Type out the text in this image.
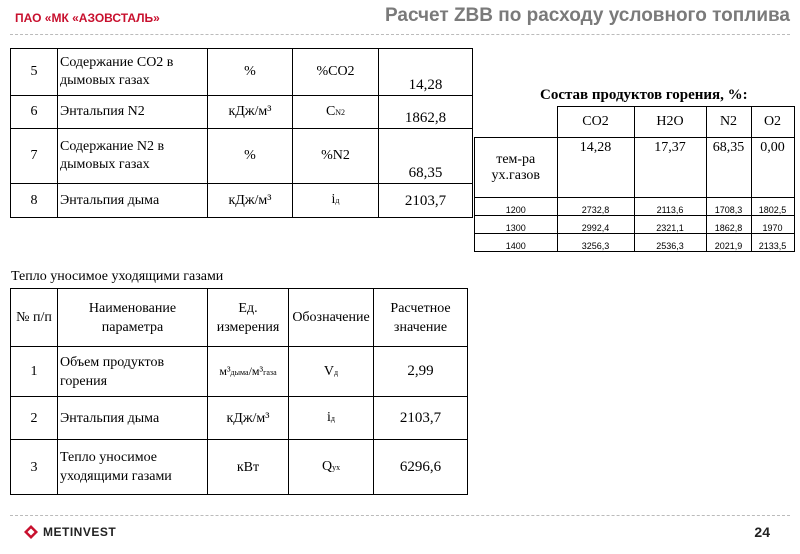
ПАО «МК «АЗОВСТАЛЬ»	Расчет ZВВ по расходу условного топлива
5	Содержание СО2 в дымовых газах	%	%СО2	14,28
6	Энтальпия N2	кДж/м³	CN2	1862,8
7	Содержание N2 в дымовых газах	%	%N2	68,35
8	Энтальпия дыма	кДж/м³	iд	2103,7
Состав продуктов горения, %:
	СО2	Н2О	N2	О2
тем-ра ух.газов	14,28	17,37	68,35	0,00
1200	2732,8	2113,6	1708,3	1802,5
1300	2992,4	2321,1	1862,8	1970
1400	3256,3	2536,3	2021,9	2133,5
Тепло уносимое уходящими газами
№ п/п	Наименование параметра	Ед. измерения	Обозначение	Расчетное значение
1	Объем продуктов горения	м³дыма/м³газа	Vд	2,99
2	Энтальпия дыма	кДж/м³	iд	2103,7
3	Тепло уносимое уходящими газами	кВт	Qух	6296,6
METINVEST	24
